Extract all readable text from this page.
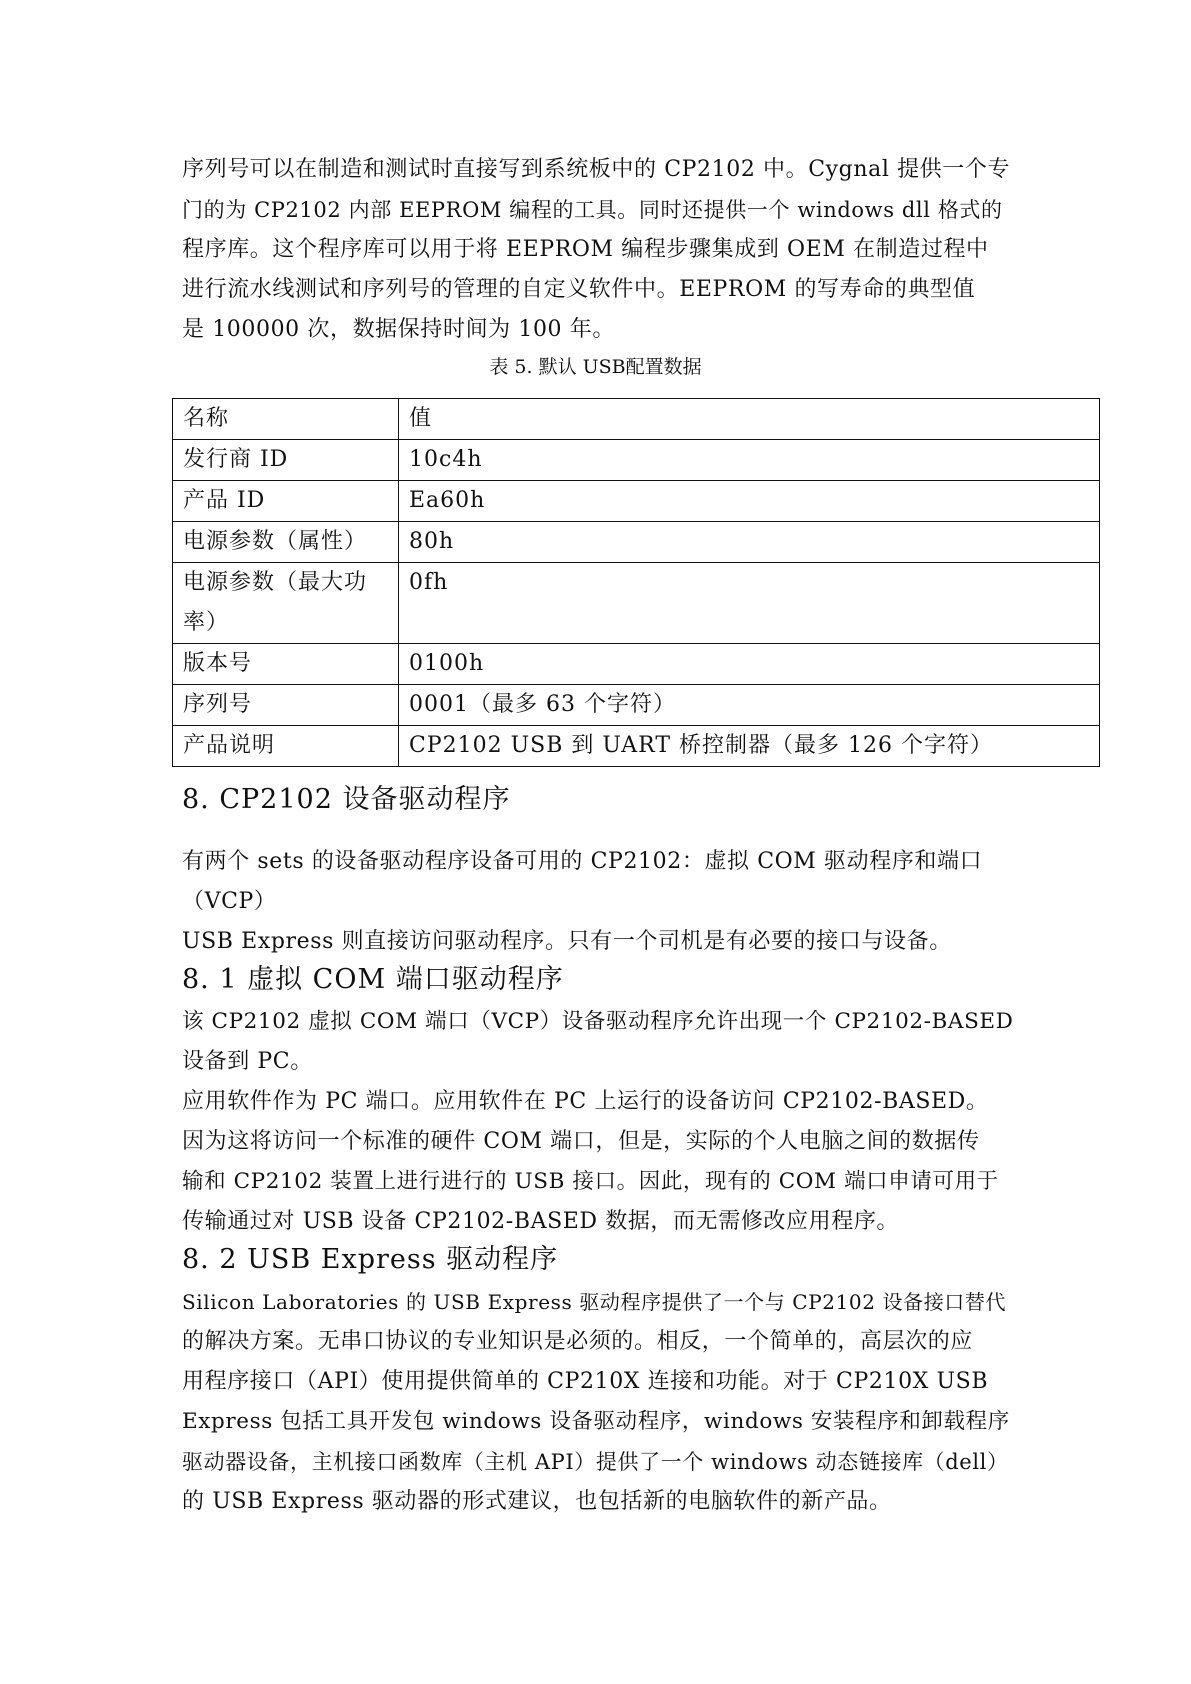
序列号可以在制造和测试时直接写到系统板中的 CP2102 中。Cygnal 提供一个专
门的为 CP2102 内部 EEPROM 编程的工具。同时还提供一个 windows dll 格式的
程序库。这个程序库可以用于将 EEPROM 编程步骤集成到 OEM 在制造过程中
进行流水线测试和序列号的管理的自定义软件中。EEPROM 的写寿命的典型值
是 100000 次，数据保持时间为 100 年。

表 5. 默认 USB配置数据

名称	值
发行商 ID	10c4h
产品 ID	Ea60h
电源参数（属性）	80h
电源参数（最大功率）	0fh
版本号	0100h
序列号	0001（最多 63 个字符）
产品说明	CP2102 USB 到 UART 桥控制器（最多 126 个字符）
8. CP2102 设备驱动程序

有两个 sets 的设备驱动程序设备可用的 CP2102：虚拟 COM 驱动程序和端口
（VCP）
USB Express 则直接访问驱动程序。只有一个司机是有必要的接口与设备。

8. 1 虚拟 COM 端口驱动程序

该 CP2102 虚拟 COM 端口（VCP）设备驱动程序允许出现一个 CP2102-BASED
设备到 PC。
应用软件作为 PC 端口。应用软件在 PC 上运行的设备访问 CP2102-BASED。
因为这将访问一个标准的硬件 COM 端口，但是，实际的个人电脑之间的数据传
输和 CP2102 装置上进行进行的 USB 接口。因此，现有的 COM 端口申请可用于
传输通过对 USB 设备 CP2102-BASED 数据，而无需修改应用程序。

8. 2 USB Express 驱动程序

Silicon Laboratories 的 USB Express 驱动程序提供了一个与 CP2102 设备接口替代
的解决方案。无串口协议的专业知识是必须的。相反，一个简单的，高层次的应
用程序接口（API）使用提供简单的 CP210X 连接和功能。对于 CP210X USB
Express 包括工具开发包 windows 设备驱动程序，windows 安装程序和卸载程序
驱动器设备，主机接口函数库（主机 API）提供了一个 windows 动态链接库（dell）
的 USB Express 驱动器的形式建议，也包括新的电脑软件的新产品。
